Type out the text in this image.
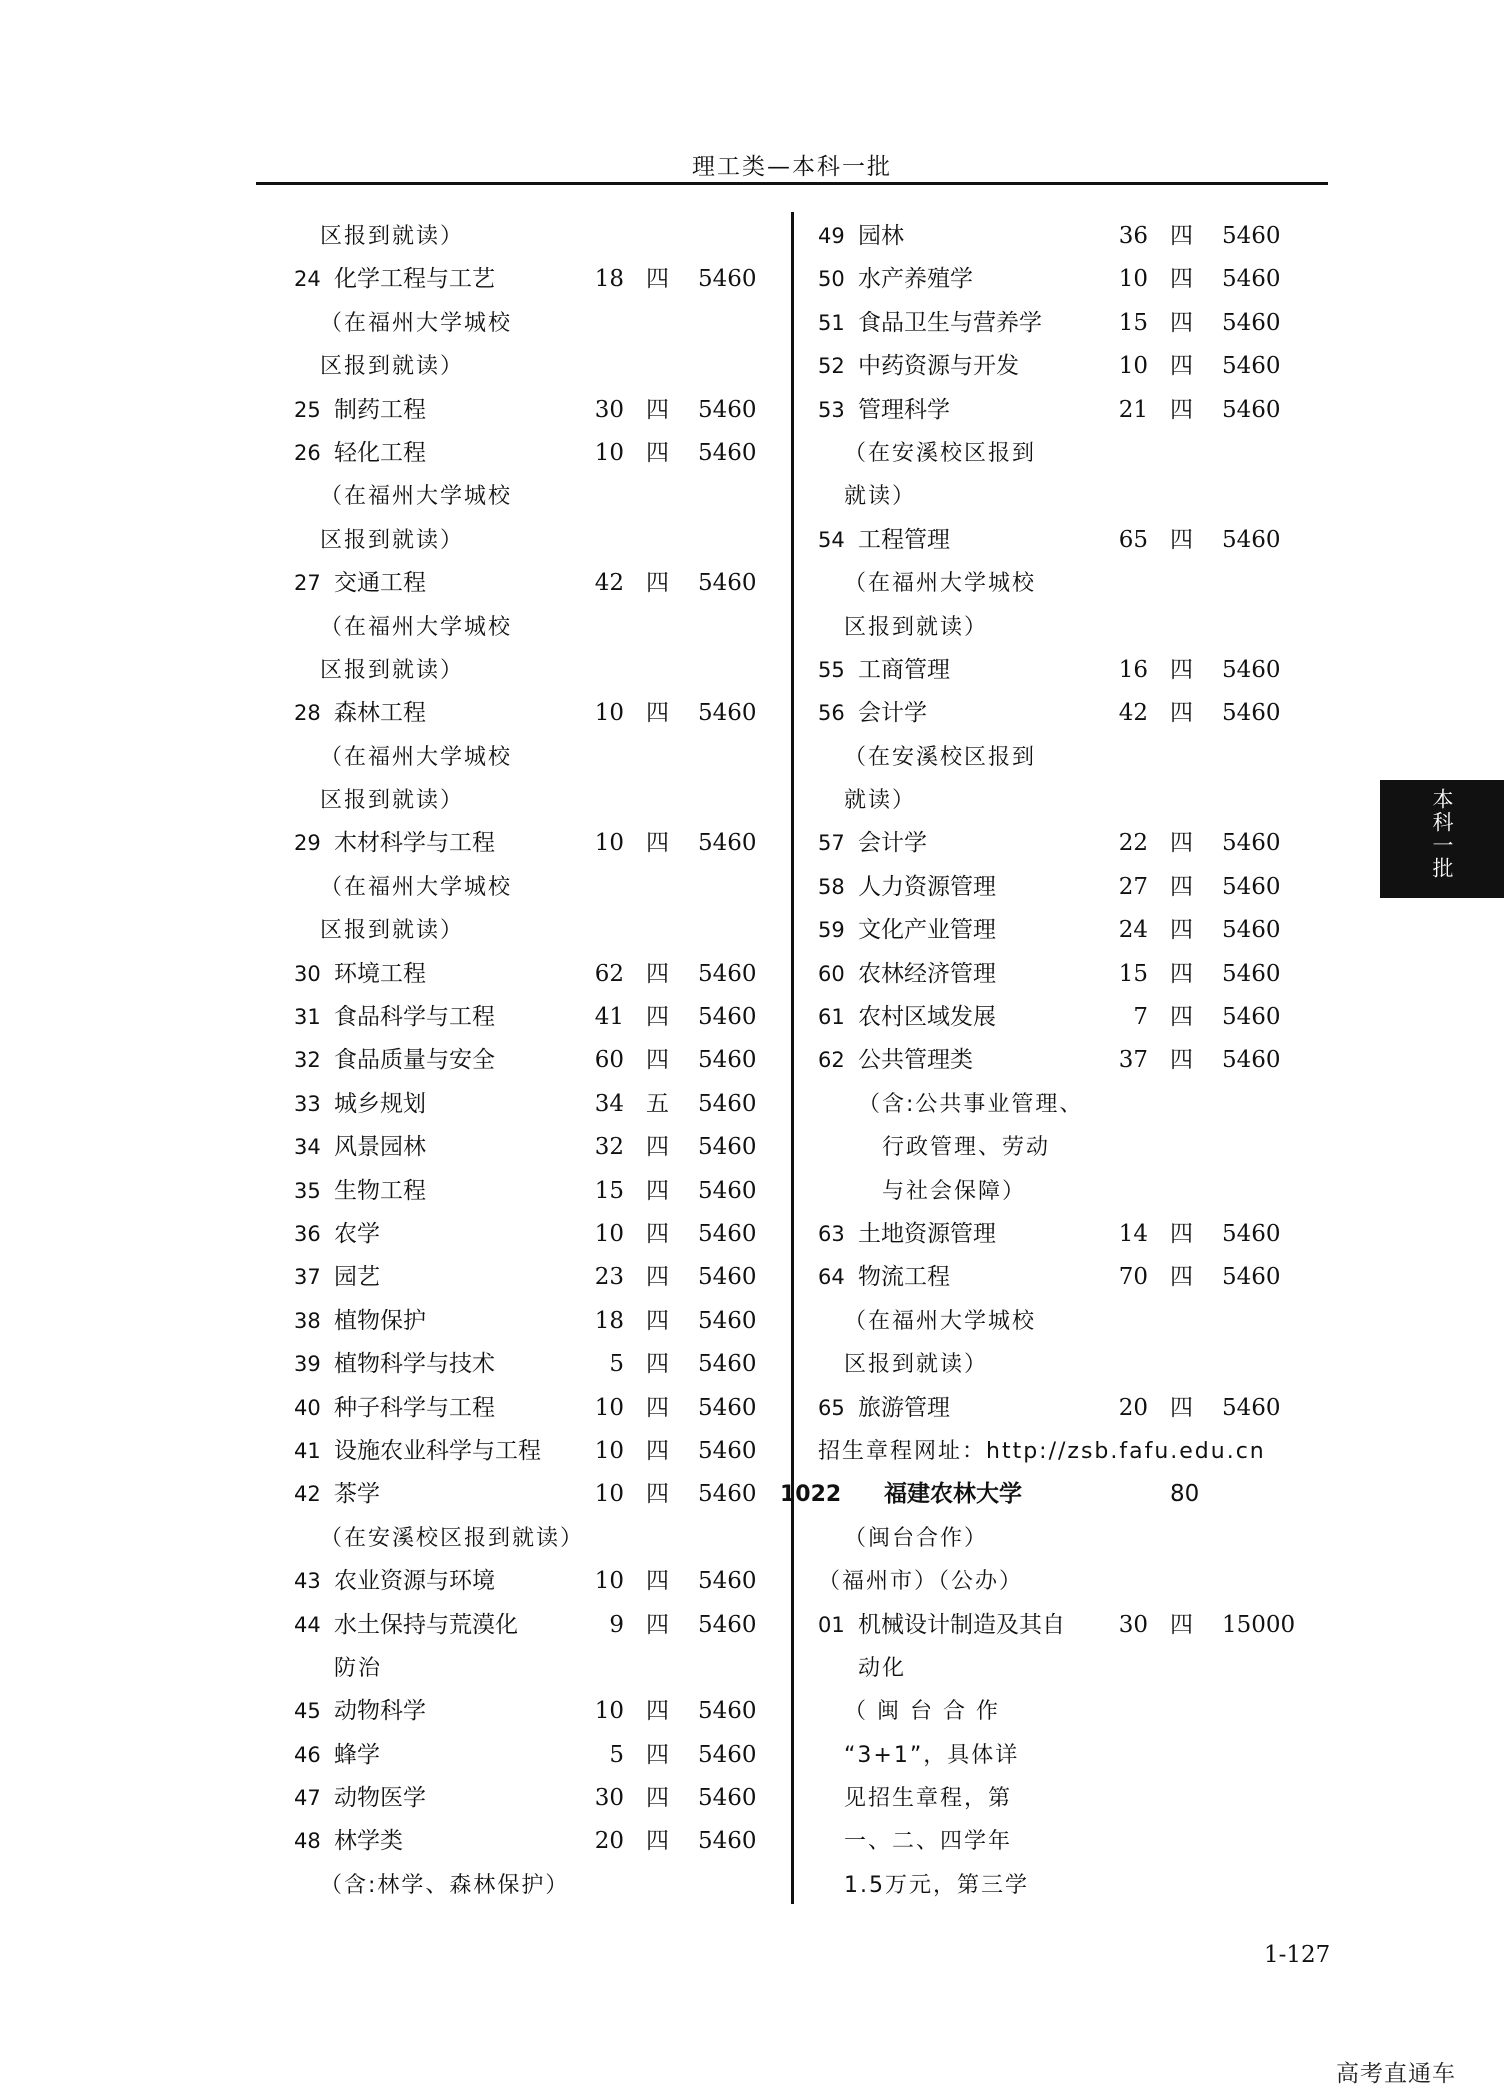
理工类—本科一批
区报到就读）
24 化学工程与工艺	18 四 5460
（在福州大学城校
区报到就读）
25 制药工程	30 四 5460
26 轻化工程	10 四 5460
（在福州大学城校
区报到就读）
27 交通工程	42 四 5460
（在福州大学城校
区报到就读）
28 森林工程	10 四 5460
（在福州大学城校
区报到就读）
29 木材科学与工程	10 四 5460
（在福州大学城校
区报到就读）
30 环境工程	62 四 5460
31 食品科学与工程	41 四 5460
32 食品质量与安全	60 四 5460
33 城乡规划	34 五 5460
34 风景园林	32 四 5460
35 生物工程	15 四 5460
36 农学	10 四 5460
37 园艺	23 四 5460
38 植物保护	18 四 5460
39 植物科学与技术	5 四 5460
40 种子科学与工程	10 四 5460
41 设施农业科学与工程 10 四 5460
42 茶学	10 四 5460
（在安溪校区报到就读）
43 农业资源与环境	10 四 5460
44 水土保持与荒漠化	9 四 5460
防治
45 动物科学	10 四 5460
46 蜂学	5 四 5460
47 动物医学	30 四 5460
48 林学类	20 四 5460
（含:林学、森林保护）
49 园林	36 四 5460
50 水产养殖学	10 四 5460
51 食品卫生与营养学	15 四 5460
52 中药资源与开发	10 四 5460
53 管理科学	21 四 5460
（在安溪校区报到
就读）
54 工程管理	65 四 5460
（在福州大学城校
区报到就读）
55 工商管理	16 四 5460
56 会计学	42 四 5460
（在安溪校区报到
就读）
57 会计学	22 四 5460
58 人力资源管理	27 四 5460
59 文化产业管理	24 四 5460
60 农林经济管理	15 四 5460
61 农村区域发展	7 四 5460
62 公共管理类	37 四 5460
（含:公共事业管理、
行政管理、劳动
与社会保障）
63 土地资源管理	14 四 5460
64 物流工程	70 四 5460
（在福州大学城校
区报到就读）
65 旅游管理	20 四 5460
招生章程网址：http://zsb.fafu.edu.cn
1022 福建农林大学	80
（闽台合作）
（福州市）（公办）
01 机械设计制造及其自 30 四 15000
动化
（ 闽 台 合 作
“3+1”，具体详
见招生章程，第
一、二、四学年
1.5万元，第三学
本科一批
1-127
高考直通车
